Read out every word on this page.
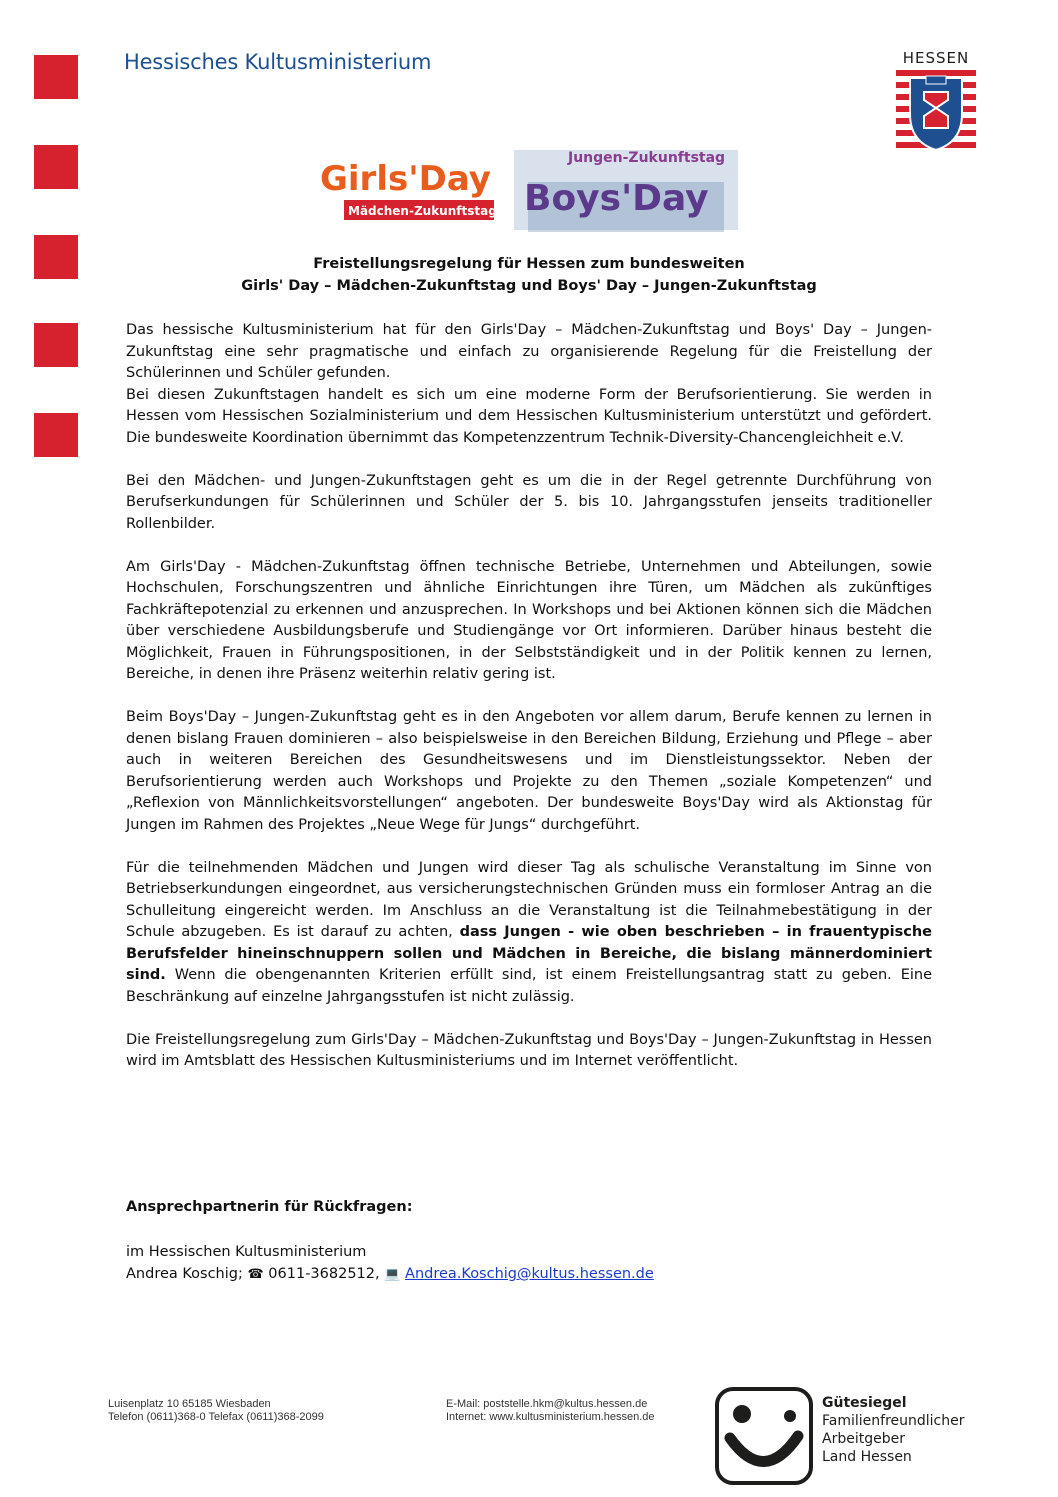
Hessisches Kultusministerium	HESSEN
Girls'Day
Mädchen-Zukunftstag
Jungen-Zukunftstag
Boys'Day
Freistellungsregelung für Hessen zum bundesweiten
Girls' Day – Mädchen-Zukunftstag und Boys' Day – Jungen-Zukunftstag

Das hessische Kultusministerium hat für den Girls'Day – Mädchen-Zukunftstag und Boys' Day – Jungen-Zukunftstag eine sehr pragmatische und einfach zu organisierende Regelung für die Freistellung der Schülerinnen und Schüler gefunden.

Bei diesen Zukunftstagen handelt es sich um eine moderne Form der Berufsorientierung. Sie werden in Hessen vom Hessischen Sozialministerium und dem Hessischen Kultusministerium unterstützt und gefördert. Die bundesweite Koordination übernimmt das Kompetenzzentrum Technik-Diversity-Chancengleichheit e.V.

Bei den Mädchen- und Jungen-Zukunftstagen geht es um die in der Regel getrennte Durchführung von Berufserkundungen für Schülerinnen und Schüler der 5. bis 10. Jahrgangsstufen jenseits traditioneller Rollenbilder.

Am Girls'Day - Mädchen-Zukunftstag öffnen technische Betriebe, Unternehmen und Abteilungen, sowie Hochschulen, Forschungszentren und ähnliche Einrichtungen ihre Türen, um Mädchen als zukünftiges Fachkräftepotenzial zu erkennen und anzusprechen. In Workshops und bei Aktionen können sich die Mädchen über verschiedene Ausbildungsberufe und Studiengänge vor Ort informieren. Darüber hinaus besteht die Möglichkeit, Frauen in Führungspositionen, in der Selbstständigkeit und in der Politik kennen zu lernen, Bereiche, in denen ihre Präsenz weiterhin relativ gering ist.

Beim Boys'Day – Jungen-Zukunftstag geht es in den Angeboten vor allem darum, Berufe kennen zu lernen in denen bislang Frauen dominieren – also beispielsweise in den Bereichen Bildung, Erziehung und Pflege – aber auch in weiteren Bereichen des Gesundheitswesens und im Dienstleistungssektor. Neben der Berufsorientierung werden auch Workshops und Projekte zu den Themen „soziale Kompetenzen“ und „Reflexion von Männlichkeitsvorstellungen“ angeboten. Der bundesweite Boys'Day wird als Aktionstag für Jungen im Rahmen des Projektes „Neue Wege für Jungs“ durchgeführt.

Für die teilnehmenden Mädchen und Jungen wird dieser Tag als schulische Veranstaltung im Sinne von Betriebserkundungen eingeordnet, aus versicherungstechnischen Gründen muss ein formloser Antrag an die Schulleitung eingereicht werden. Im Anschluss an die Veranstaltung ist die Teilnahmebestätigung in der Schule abzugeben. Es ist darauf zu achten, dass Jungen - wie oben beschrieben – in frauentypische Berufsfelder hineinschnuppern sollen und Mädchen in Bereiche, die bislang männerdominiert sind. Wenn die obengenannten Kriterien erfüllt sind, ist einem Freistellungsantrag statt zu geben. Eine Beschränkung auf einzelne Jahrgangsstufen ist nicht zulässig.

Die Freistellungsregelung zum Girls'Day – Mädchen-Zukunftstag und Boys'Day – Jungen-Zukunftstag in Hessen wird im Amtsblatt des Hessischen Kultusministeriums und im Internet veröffentlicht.

Ansprechpartnerin für Rückfragen:
im Hessischen Kultusministerium
Andrea Koschig; ☎ 0611-3682512, 💻 Andrea.Koschig@kultus.hessen.de
Luisenplatz 10 65185 Wiesbaden
Telefon (0611)368-0 Telefax (0611)368-2099
E-Mail: poststelle.hkm@kultus.hessen.de
Internet: www.kultusministerium.hessen.de
Gütesiegel
Familienfreundlicher
Arbeitgeber
Land Hessen
